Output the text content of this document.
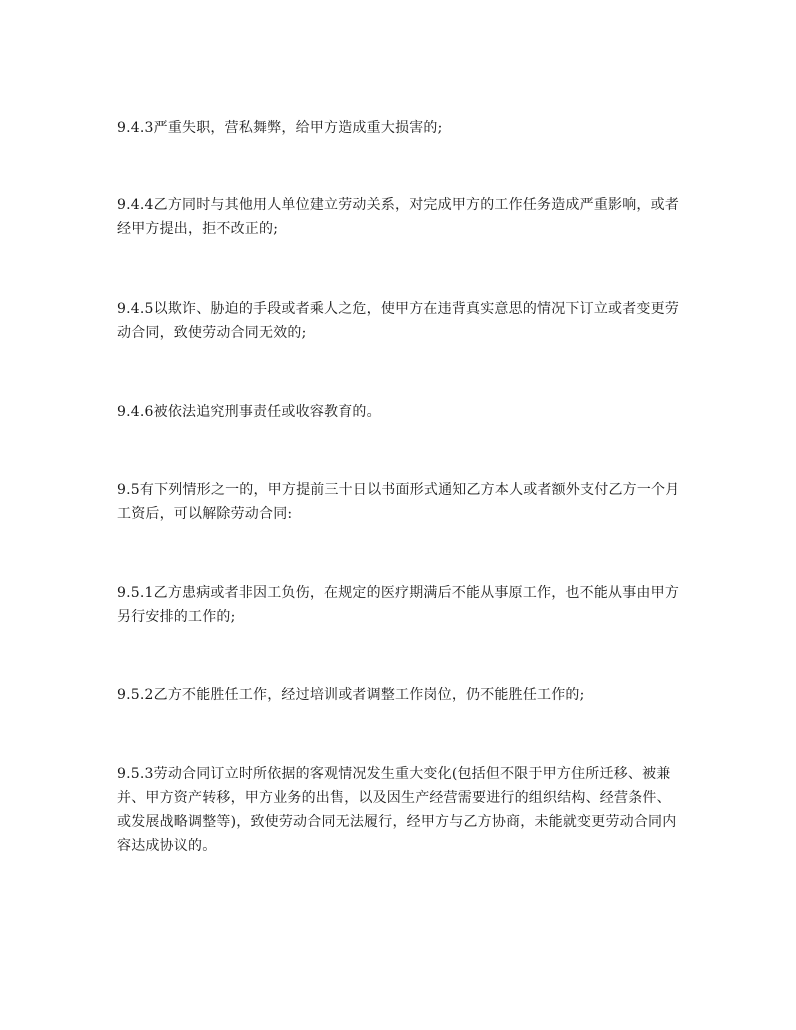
9.4.3严重失职，营私舞弊，给甲方造成重大损害的;

9.4.4乙方同时与其他用人单位建立劳动关系，对完成甲方的工作任务造成严重影响，或者经甲方提出，拒不改正的;

9.4.5以欺诈、胁迫的手段或者乘人之危，使甲方在违背真实意思的情况下订立或者变更劳动合同，致使劳动合同无效的;

9.4.6被依法追究刑事责任或收容教育的。

9.5有下列情形之一的，甲方提前三十日以书面形式通知乙方本人或者额外支付乙方一个月工资后，可以解除劳动合同:

9.5.1乙方患病或者非因工负伤，在规定的医疗期满后不能从事原工作，也不能从事由甲方另行安排的工作的;

9.5.2乙方不能胜任工作，经过培训或者调整工作岗位，仍不能胜任工作的;

9.5.3劳动合同订立时所依据的客观情况发生重大变化(包括但不限于甲方住所迁移、被兼并、甲方资产转移，甲方业务的出售，以及因生产经营需要进行的组织结构、经营条件、或发展战略调整等)，致使劳动合同无法履行，经甲方与乙方协商，未能就变更劳动合同内容达成协议的。
